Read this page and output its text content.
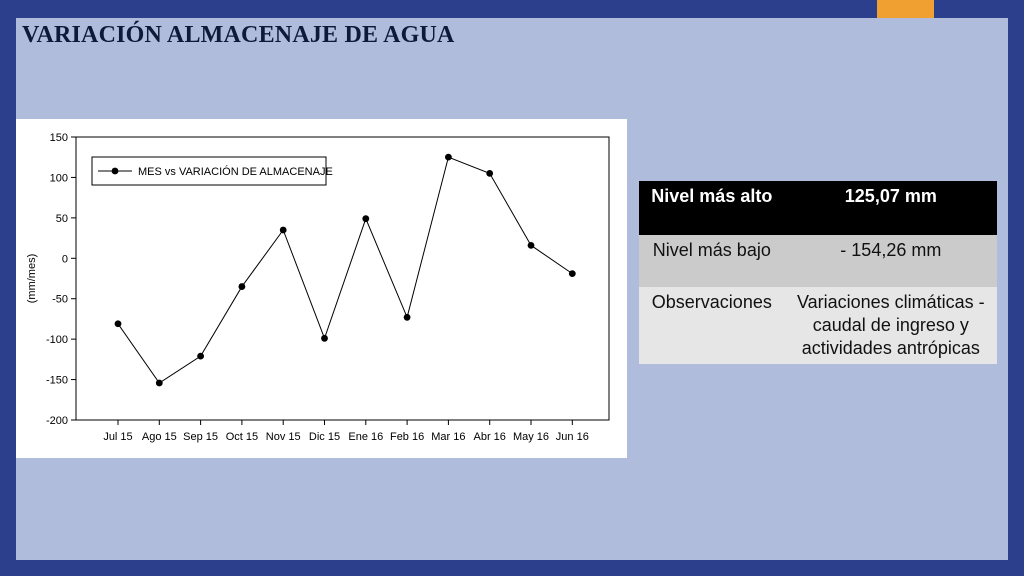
VARIACIÓN ALMACENAJE DE AGUA
-200
-150
-100
-50
0
50
100
150
(mm/mes)
Jul 15 Ago 15 Sep 15 Oct 15 Nov 15 Dic 15 Ene 16 Feb 16 Mar 16 Abr 16 May 16 Jun 16
MES vs VARIACIÓN DE ALMACENAJE
Nivel más alto	125,07 mm
Nivel más bajo	- 154,26 mm
Observaciones	Variaciones climáticas - caudal de ingreso y actividades antrópicas
